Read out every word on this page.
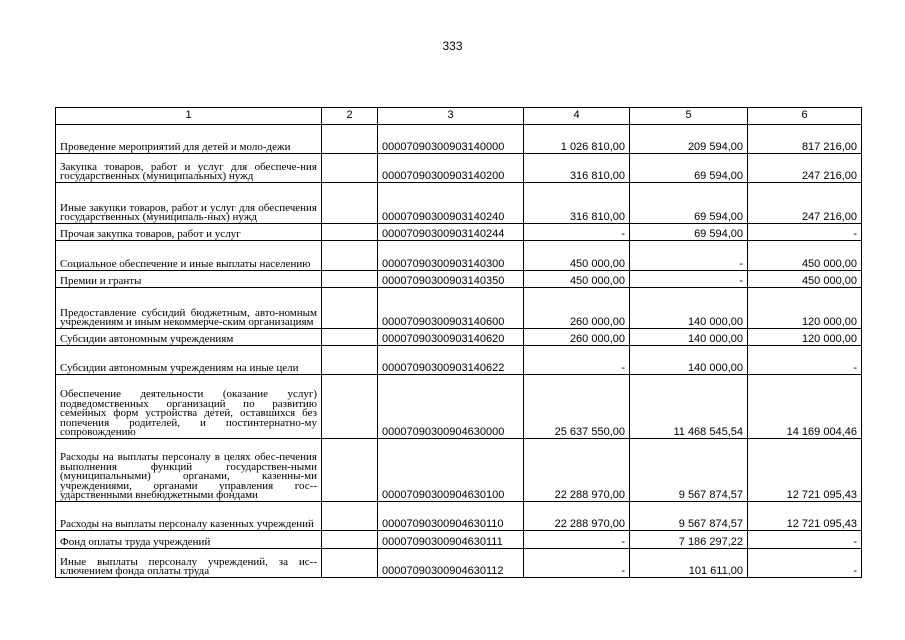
333
1	2	3	4	5	6
Проведение мероприятий для детей и моло-дежи		00007090300903140000	1 026 810,00	209 594,00	817 216,00
Закупка товаров, работ и услуг для обеспече-ния государственных (муниципальных) нужд		00007090300903140200	316 810,00	69 594,00	247 216,00
Иные закупки товаров, работ и услуг для обеспечения государственных (муниципаль-ных) нужд		00007090300903140240	316 810,00	69 594,00	247 216,00
Прочая закупка товаров, работ и услуг		00007090300903140244	-	69 594,00	-
Социальное обеспечение и иные выплаты населению		00007090300903140300	450 000,00	-	450 000,00
Премии и гранты		00007090300903140350	450 000,00	-	450 000,00
Предоставление субсидий бюджетным, авто-номным учреждениям и иным некоммерче-ским организациям		00007090300903140600	260 000,00	140 000,00	120 000,00
Субсидии автономным учреждениям		00007090300903140620	260 000,00	140 000,00	120 000,00
Субсидии автономным учреждениям на иные цели		00007090300903140622	-	140 000,00	-
Обеспечение деятельности (оказание услуг) подведомственных организаций по развитию семейных форм устройства детей, оставшихся без попечения родителей, и постинтернатно-му сопровождению		00007090300904630000	25 637 550,00	11 468 545,54	14 169 004,46
Расходы на выплаты персоналу в целях обес-печения выполнения функций государствен-ными (муниципальными) органами, казенны-ми учреждениями, органами управления гос-ударственными внебюджетными фондами		00007090300904630100	22 288 970,00	9 567 874,57	12 721 095,43
Расходы на выплаты персоналу казенных учреждений		00007090300904630110	22 288 970,00	9 567 874,57	12 721 095,43
Фонд оплаты труда учреждений		00007090300904630111	-	7 186 297,22	-
Иные выплаты персоналу учреждений, за ис-ключением фонда оплаты труда		00007090300904630112	-	101 611,00	-
